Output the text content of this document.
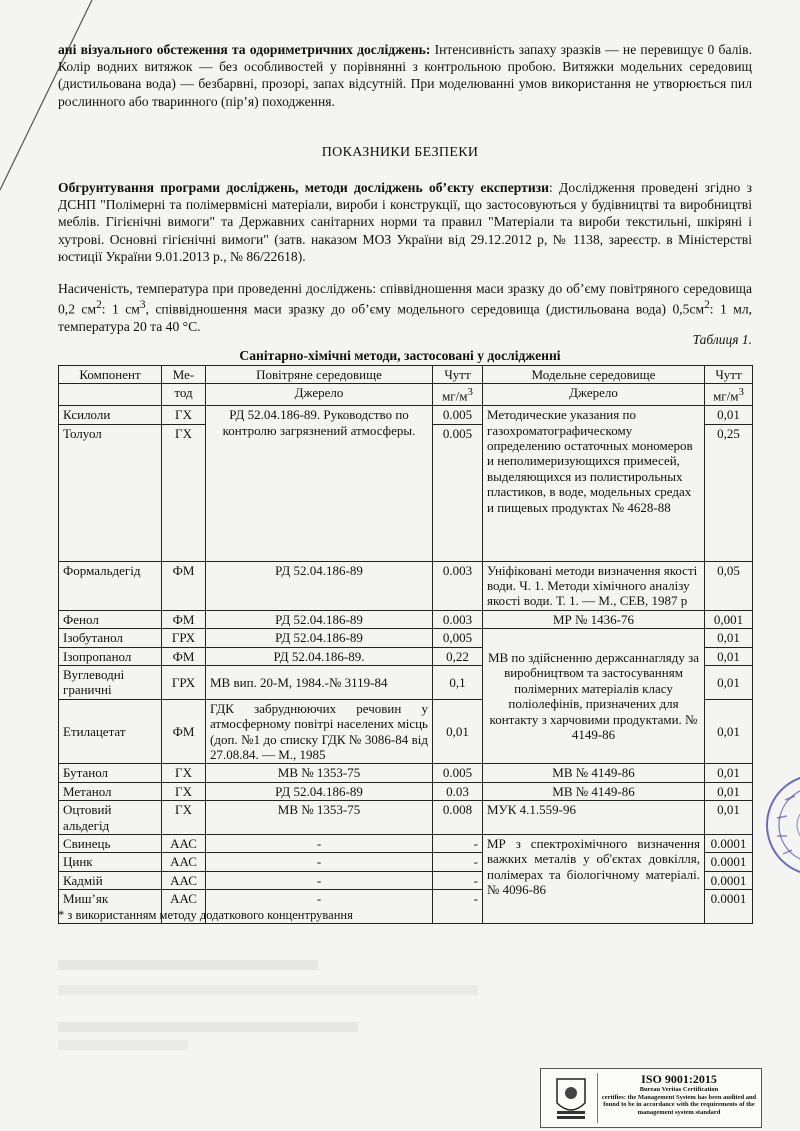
ані візуального обстеження та одориметричних досліджень: Інтенсивність запаху зразків — не перевищує 0 балів. Колір водних витяжок — без особливостей у порівнянні з контрольною пробою. Витяжки модельних середовищ (дистильована вода) — безбарвні, прозорі, запах відсутній. При моделюванні умов використання не утворюється пил рослинного або тваринного (пір’я) походження.
ПОКАЗНИКИ БЕЗПЕКИ
Обгрунтування програми досліджень, методи досліджень об’єкту експертизи: Дослідження проведені згідно з ДСНП "Полімерні та полімервмісні матеріали, вироби і конструкції, що застосовуються у будівництві та виробництві меблів. Гігієнічні вимоги" та Державних санітарних норми та правил "Матеріали та вироби текстильні, шкіряні і хутрові. Основні гігієнічні вимоги" (затв. наказом МОЗ України від 29.12.2012 р, № 1138, зареєстр. в Міністерстві юстиції України 9.01.2013 р., № 86/22618).
Насиченість, температура при проведенні досліджень: співвідношення маси зразку до об’єму повітряного середовища 0,2 $см^2$: 1 $см^3$, співвідношення маси зразку до об’єму модельного середовища (дистильована вода) $0,5см^2$: 1 мл, температура 20 та 40 °С.
Таблиця 1.
Санітарно-хімічні методи, застосовані у дослідженні
Компонент	Ме-	Повітряне середовище	Чутт	Модельне середовище	Чутт
	тод	Джерело	$мг/м^3$	Джерело	$мг/м^3$
Ксилоли	ГХ	РД 52.04.186-89. Руководство по контролю загрязнений атмосферы.	0.005	Методические указания по газохроматографическому определению остаточных мономеров и неполимеризующихся примесей, выделяющихся из полистирольных пластиков, в воде, модельных средах и пищевых продуктах № 4628-88	0,01
Толуол	ГХ		0.005		0,25
Формальдегід	ФМ	РД 52.04.186-89	0.003	Уніфіковані методи визначення якості води. Ч. 1. Методи хімічного аналізу якості води. Т. 1. — М., СЕВ, 1987 р	0,05
Фенол	ФМ	РД 52.04.186-89	0.003	МР № 1436-76	0,001
Ізобутанол	ГРХ	РД 52.04.186-89	0,005	МВ по здійсненню держсаннагляду за виробництвом та застосуванням полімерних матеріалів класу поліолефінів, призначених для контакту з харчовими продуктами. № 4149-86	0,01
Ізопропанол	ФМ	РД 52.04.186-89.	0,22		0,01
Вуглеводні граничні	ГРХ	МВ вип. 20-М, 1984.-№ 3119-84	0,1		0,01
Етилацетат	ФМ	ГДК забруднюючих речовин у атмосферному повітрі населених місць (доп. №1 до списку ГДК № 3086-84 від 27.08.84. — М., 1985	0,01		0,01
Бутанол	ГХ	МВ № 1353-75	0.005	МВ № 4149-86	0,01
Метанол	ГХ	РД 52.04.186-89	0.03	МВ № 4149-86	0,01
Оцтовий альдегід	ГХ	МВ № 1353-75	0.008	МУК 4.1.559-96	0,01
Свинець	ААС	-	-	МР з спектрохімічного визначення важких металів у об'єктах довкілля, полімерах та біологічному матеріалі. № 4096-86	0.0001
Цинк	ААС	-	-		0.0001
Кадмій	ААС	-	-		0.0001
Миш’як	ААС	-	-		0.0001
* з використанням методу додаткового концентрування
ISO 9001:2015
Bureau Veritas Certification
certifies: the Management System has been audited and found to be in accordance with the requirements of the management system standard
